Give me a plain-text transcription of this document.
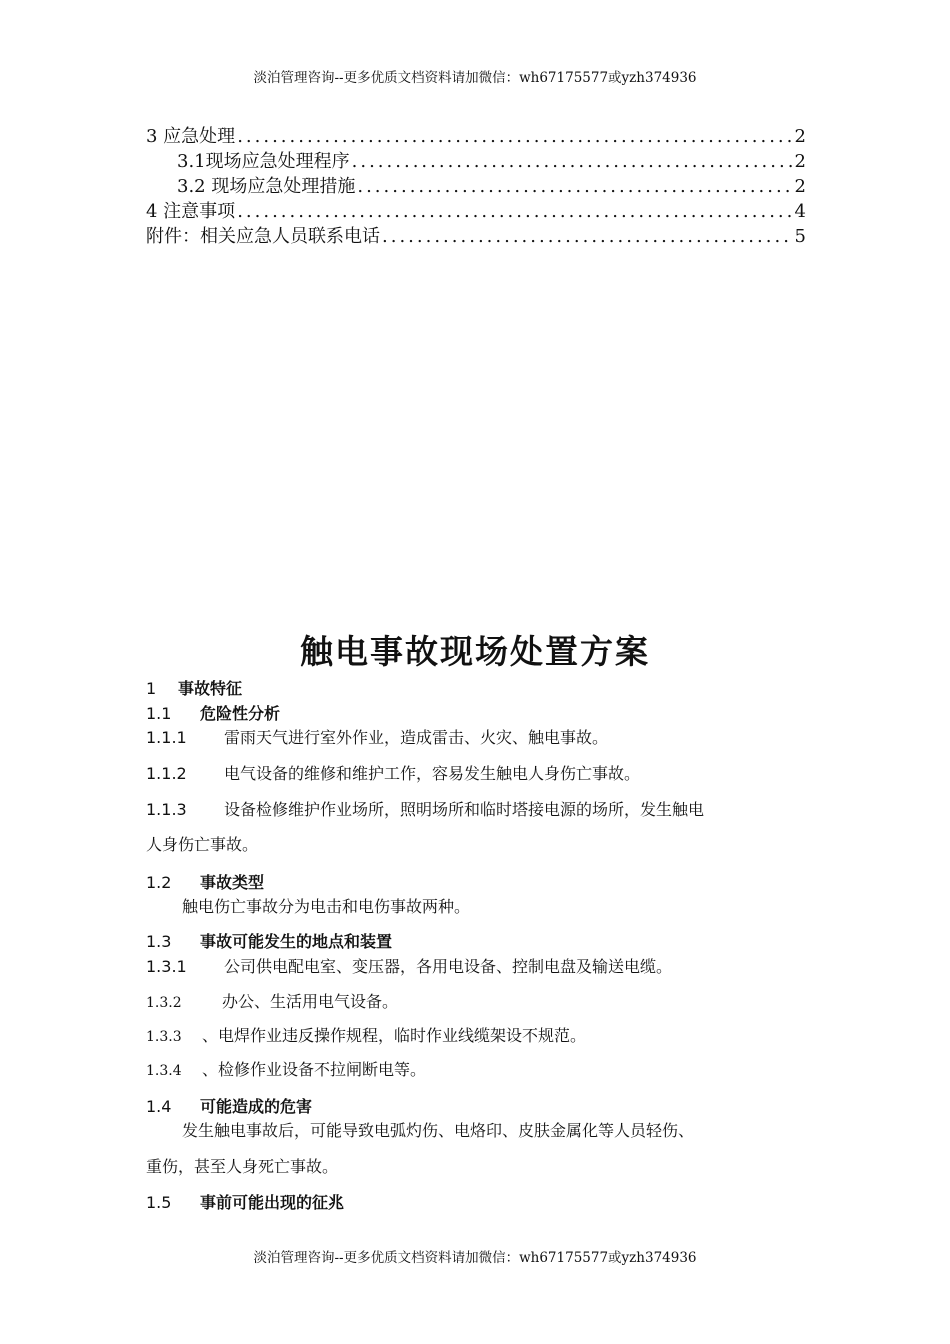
淡泊管理咨询--更多优质文档资料请加微信：wh67175577或yzh374936
3 应急处理 .....	2
3.1现场应急处理程序 .....	2
3.2 现场应急处理措施 .....	2
4 注意事项 .....	4
附件：相关应急人员联系电话 .....	5
触电事故现场处置方案
1 事故特征
1.1 危险性分析
1.1.1 雷雨天气进行室外作业，造成雷击、火灾、触电事故。
1.1.2 电气设备的维修和维护工作，容易发生触电人身伤亡事故。
1.1.3 设备检修维护作业场所，照明场所和临时塔接电源的场所，发生触电
人身伤亡事故。
1.2 事故类型
触电伤亡事故分为电击和电伤事故两种。
1.3 事故可能发生的地点和装置
1.3.1 公司供电配电室、变压器，各用电设备、控制电盘及输送电缆。
1.3.2	办公、生活用电气设备。
1.3.3 、电焊作业违反操作规程，临时作业线缆架设不规范。
1.3.4 、检修作业设备不拉闸断电等。
1.4 可能造成的危害
发生触电事故后，可能导致电弧灼伤、电烙印、皮肤金属化等人员轻伤、
重伤，甚至人身死亡事故。
1.5 事前可能出现的征兆
淡泊管理咨询--更多优质文档资料请加微信：wh67175577或yzh374936
